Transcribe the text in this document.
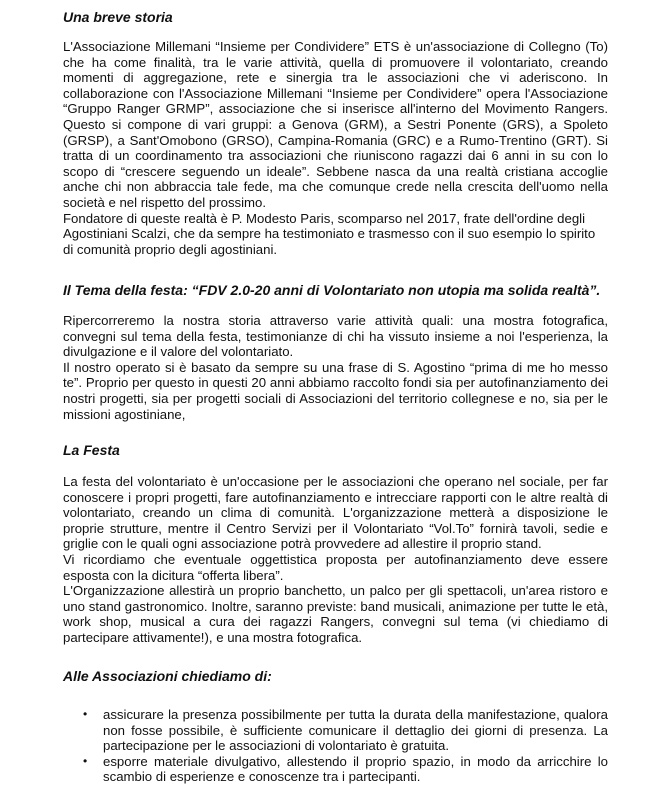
Una breve storia

L'Associazione Millemani “Insieme per Condividere” ETS è un'associazione di Collegno (To) che ha come finalità, tra le varie attività, quella di promuovere il volontariato, creando momenti di aggregazione, rete e sinergia tra le associazioni che vi aderiscono. In collaborazione con l'Associazione Millemani “Insieme per Condividere” opera l'Associazione “Gruppo Ranger GRMP”, associazione che si inserisce all'interno del Movimento Rangers. Questo si compone di vari gruppi: a Genova (GRM), a Sestri Ponente (GRS), a Spoleto (GRSP), a Sant'Omobono (GRSO), Campina-Romania (GRC) e a Rumo-Trentino (GRT). Si tratta di un coordinamento tra associazioni che riuniscono ragazzi dai 6 anni in su con lo scopo di “crescere seguendo un ideale”. Sebbene nasca da una realtà cristiana accoglie anche chi non abbraccia tale fede, ma che comunque crede nella crescita dell'uomo nella società e nel rispetto del prossimo.

Fondatore di queste realtà è P. Modesto Paris, scomparso nel 2017, frate dell'ordine degli Agostiniani Scalzi, che da sempre ha testimoniato e trasmesso con il suo esempio lo spirito di comunità proprio degli agostiniani.

Il Tema della festa: “FDV 2.0-20 anni di Volontariato non utopia ma solida realtà”.

Ripercorreremo la nostra storia attraverso varie attività quali: una mostra fotografica, convegni sul tema della festa, testimonianze di chi ha vissuto insieme a noi l'esperienza, la divulgazione e il valore del volontariato.

Il nostro operato si è basato da sempre su una frase di S. Agostino “prima di me ho messo te”. Proprio per questo in questi 20 anni abbiamo raccolto fondi sia per autofinanziamento dei nostri progetti, sia per progetti sociali di Associazioni del territorio collegnese e no, sia per le missioni agostiniane,

La Festa

La festa del volontariato è un'occasione per le associazioni che operano nel sociale, per far conoscere i propri progetti, fare autofinanziamento e intrecciare rapporti con le altre realtà di volontariato, creando un clima di comunità. L'organizzazione metterà a disposizione le proprie strutture, mentre il Centro Servizi per il Volontariato “Vol.To” fornirà tavoli, sedie e griglie con le quali ogni associazione potrà provvedere ad allestire il proprio stand.

Vi ricordiamo che eventuale oggettistica proposta per autofinanziamento deve essere esposta con la dicitura “offerta libera”.

L'Organizzazione allestirà un proprio banchetto, un palco per gli spettacoli, un'area ristoro e uno stand gastronomico. Inoltre, saranno previste: band musicali, animazione per tutte le età, work shop, musical a cura dei ragazzi Rangers, convegni sul tema (vi chiediamo di partecipare attivamente!), e una mostra fotografica.

Alle Associazioni chiediamo di:
• assicurare la presenza possibilmente per tutta la durata della manifestazione, qualora non fosse possibile, è sufficiente comunicare il dettaglio dei giorni di presenza. La partecipazione per le associazioni di volontariato è gratuita.
• esporre materiale divulgativo, allestendo il proprio spazio, in modo da arricchire lo scambio di esperienze e conoscenze tra i partecipanti.
